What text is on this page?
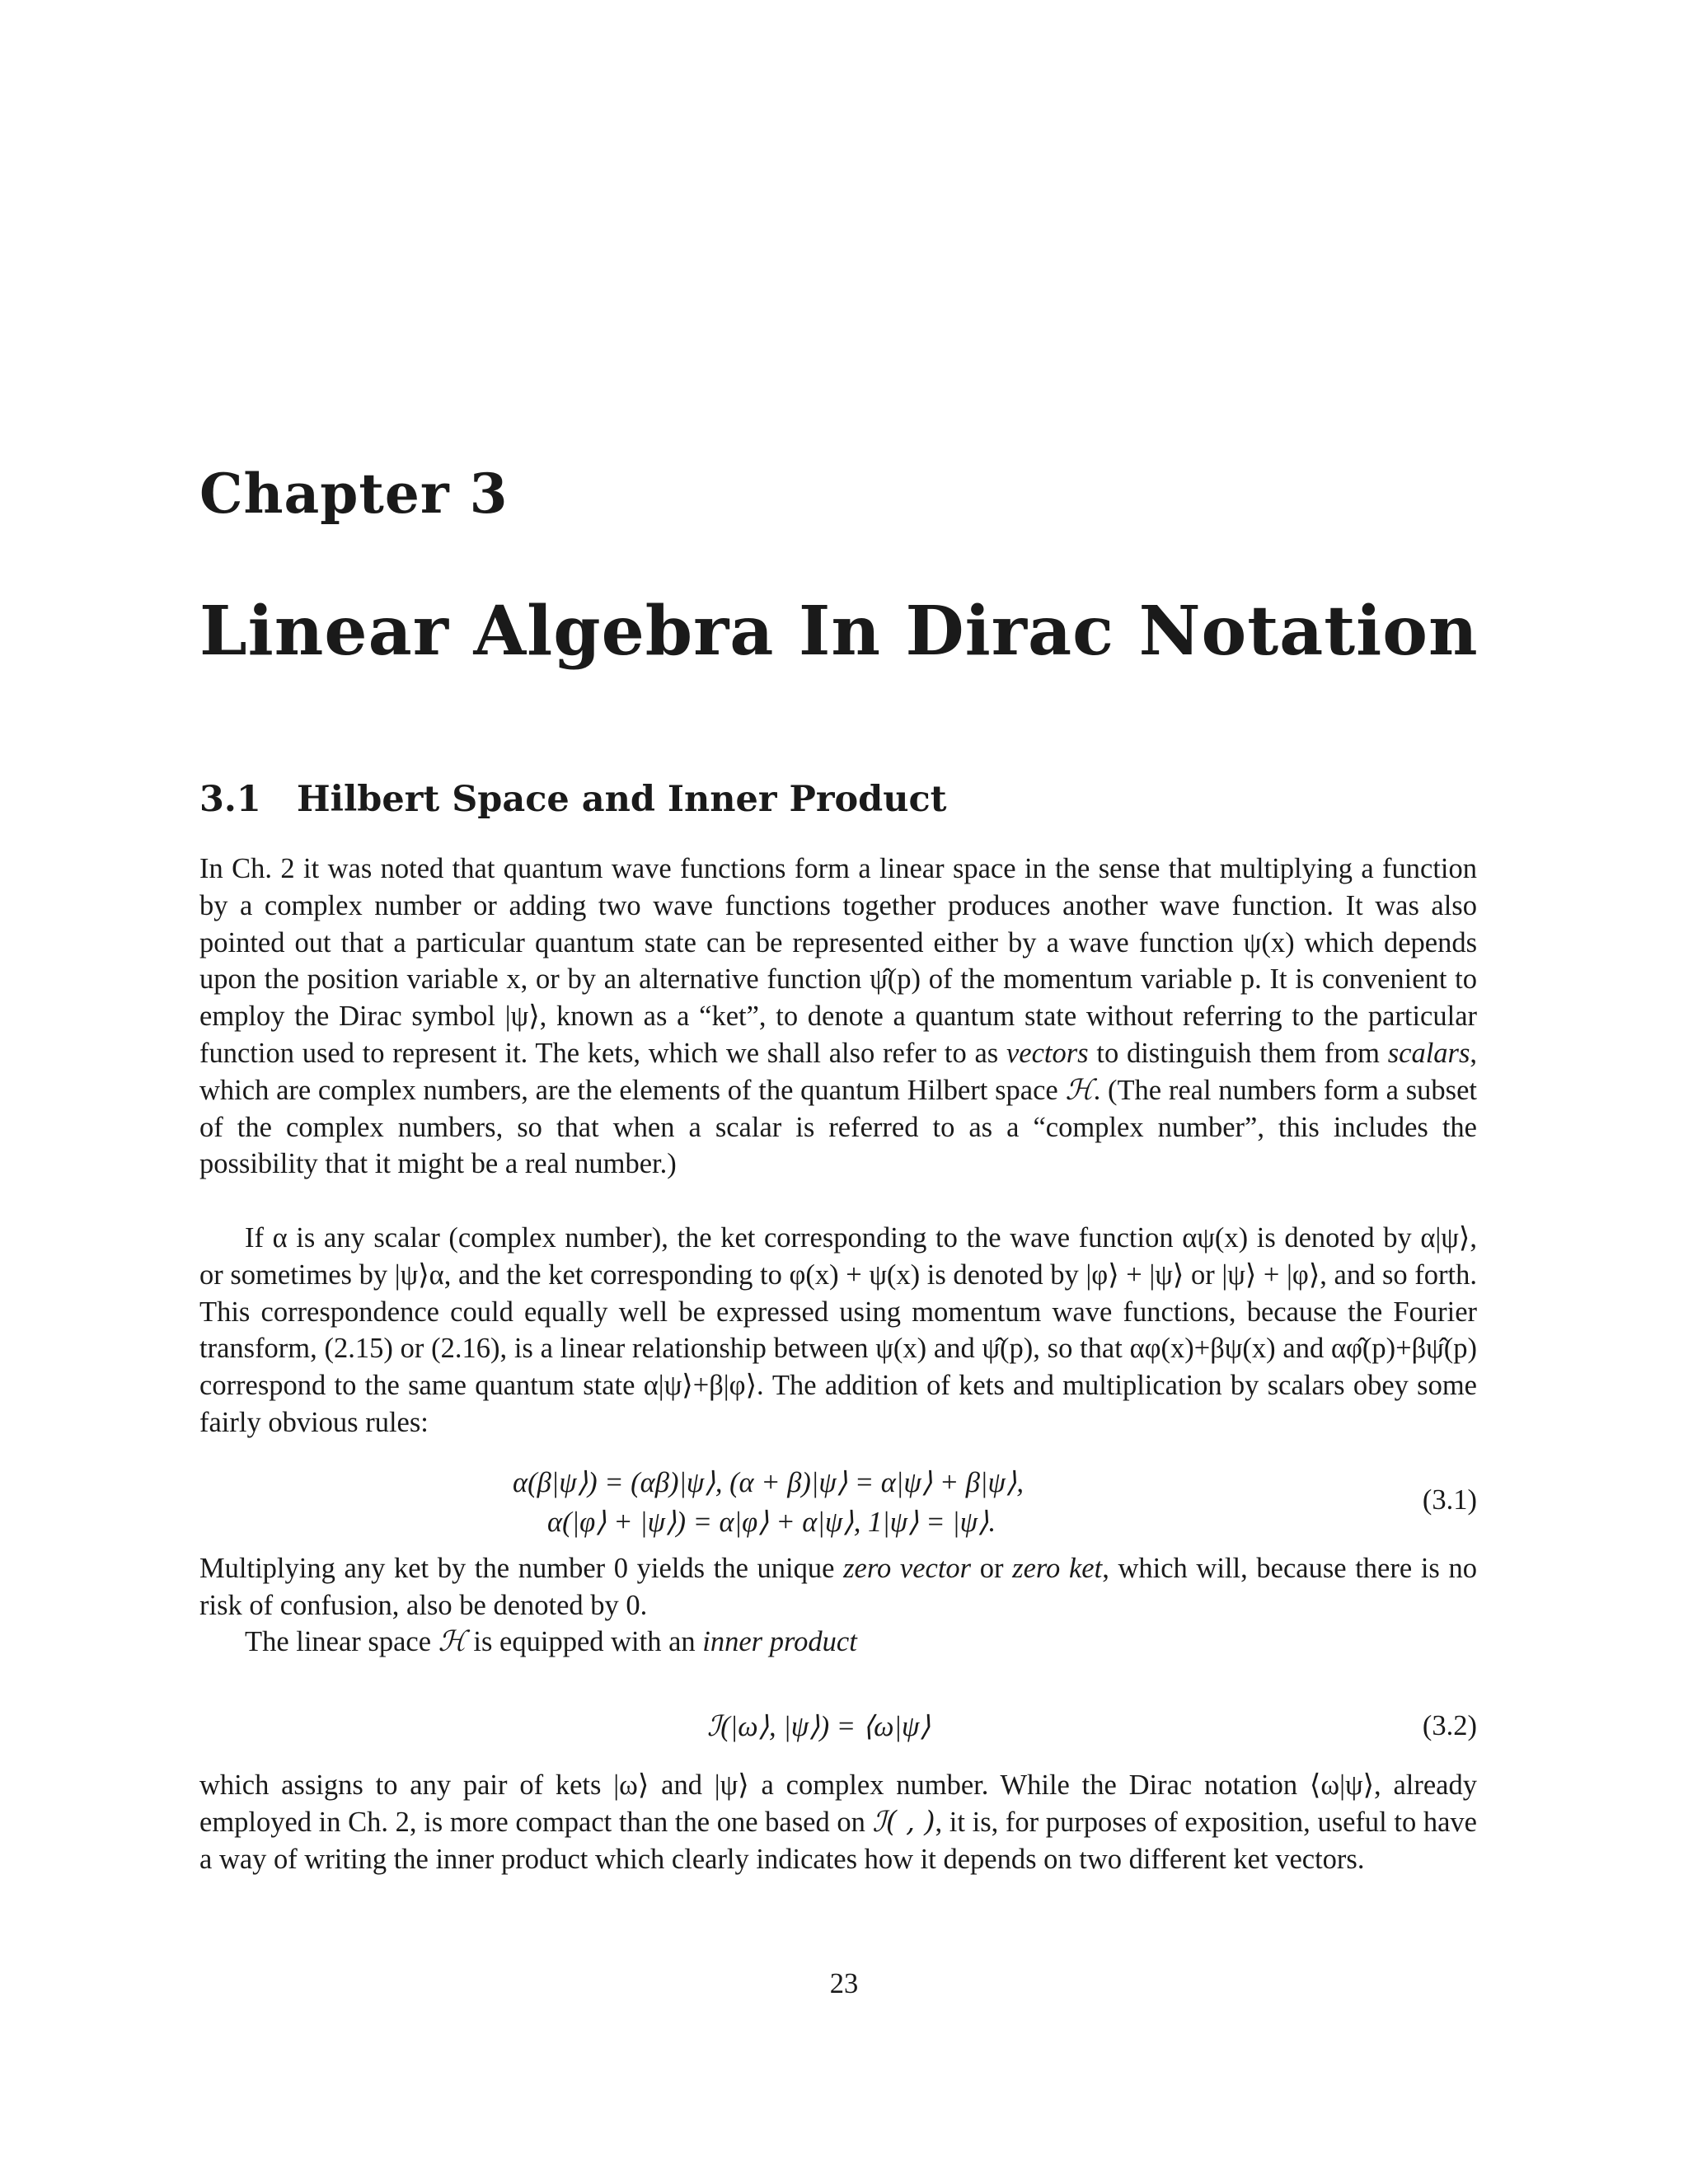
Chapter 3
Linear Algebra In Dirac Notation
3.1 Hilbert Space and Inner Product

In Ch. 2 it was noted that quantum wave functions form a linear space in the sense that multiplying a function by a complex number or adding two wave functions together produces another wave function. It was also pointed out that a particular quantum state can be represented either by a wave function ψ(x) which depends upon the position variable x, or by an alternative function ψ̂(p) of the momentum variable p. It is convenient to employ the Dirac symbol |ψ⟩, known as a “ket”, to denote a quantum state without referring to the particular function used to represent it. The kets, which we shall also refer to as vectors to distinguish them from scalars, which are complex numbers, are the elements of the quantum Hilbert space ℋ. (The real numbers form a subset of the complex numbers, so that when a scalar is referred to as a “complex number”, this includes the possibility that it might be a real number.)

If α is any scalar (complex number), the ket corresponding to the wave function αψ(x) is denoted by α|ψ⟩, or sometimes by |ψ⟩α, and the ket corresponding to φ(x) + ψ(x) is denoted by |φ⟩ + |ψ⟩ or |ψ⟩ + |φ⟩, and so forth. This correspondence could equally well be expressed using momentum wave functions, because the Fourier transform, (2.15) or (2.16), is a linear relationship between ψ(x) and ψ̂(p), so that αφ(x)+βψ(x) and αφ̂(p)+βψ̂(p) correspond to the same quantum state α|ψ⟩+β|φ⟩. The addition of kets and multiplication by scalars obey some fairly obvious rules:

α(β|ψ⟩) = (αβ)|ψ⟩, (α + β)|ψ⟩ = α|ψ⟩ + β|ψ⟩,
α(|φ⟩ + |ψ⟩) = α|φ⟩ + α|ψ⟩, 1|ψ⟩ = |ψ⟩.
(3.1)

Multiplying any ket by the number 0 yields the unique zero vector or zero ket, which will, because there is no risk of confusion, also be denoted by 0.

The linear space ℋ is equipped with an inner product

ℐ(|ω⟩, |ψ⟩) = ⟨ω|ψ⟩	(3.2)

which assigns to any pair of kets |ω⟩ and |ψ⟩ a complex number. While the Dirac notation ⟨ω|ψ⟩, already employed in Ch. 2, is more compact than the one based on ℐ( , ), it is, for purposes of exposition, useful to have a way of writing the inner product which clearly indicates how it depends on two different ket vectors.

23
